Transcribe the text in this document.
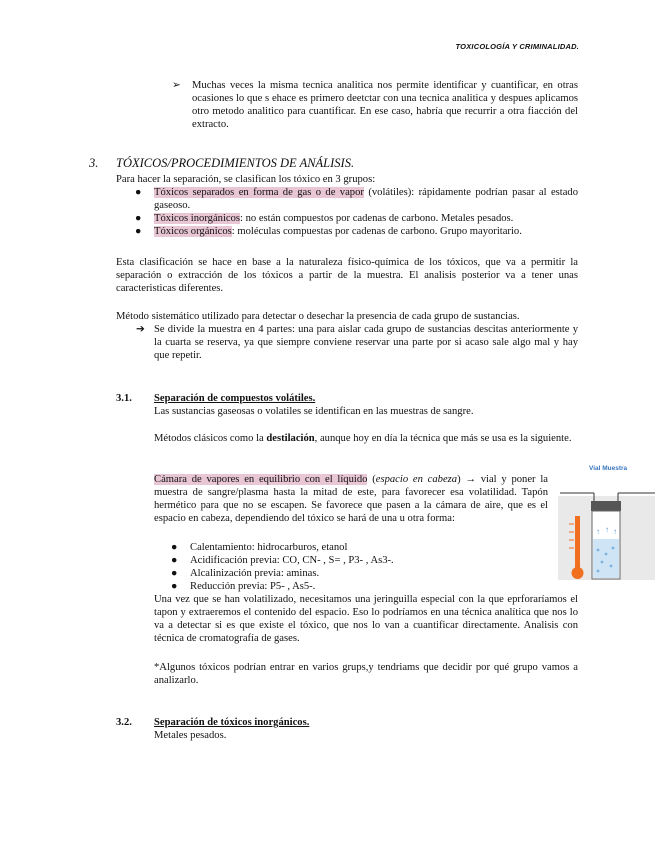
TOXICOLOGÍA Y CRIMINALIDAD.
➢ Muchas veces la misma tecnica analitica nos permite identificar y cuantificar, en otras ocasiones lo que s ehace es primero deetctar con una tecnica analitica y despues aplicamos otro metodo analitico para cuantificar. En ese caso, habría que recurrir a otra fiacción del extracto.

3. TÓXICOS/PROCEDIMIENTOS DE ANÁLISIS.

Para hacer la separación, se clasifican los tóxico en 3 grupos:

● Tóxicos separados en forma de gas o de vapor (volátiles): rápidamente podrían pasar al estado gaseoso.

● Tóxicos inorgánicos: no están compuestos por cadenas de carbono. Metales pesados.

● Tóxicos orgánicos: moléculas compuestas por cadenas de carbono. Grupo mayoritario.

Esta clasificación se hace en base a la naturaleza físico-química de los tóxicos, que va a permitir la separación o extracción de los tóxicos a partir de la muestra. El analisis posterior va a tener unas caracteristicas diferentes.

Método sistemático utilizado para detectar o desechar la presencia de cada grupo de sustancias.

➔ Se divide la muestra en 4 partes: una para aislar cada grupo de sustancias descitas anteriormente y la cuarta se reserva, ya que siempre conviene reservar una parte por si acaso sale algo mal y hay que repetir.

3.1. Separación de compuestos volátiles.

Las sustancias gaseosas o volatiles se identifican en las muestras de sangre.

Métodos clásicos como la destilación, aunque hoy en día la técnica que más se usa es la siguiente.

Cámara de vapores en equilibrio con el líquido (espacio en cabeza) → vial y poner la muestra de sangre/plasma hasta la mitad de este, para favorecer esa volatilidad. Tapón hermético para que no se escapen. Se favorece que pasen a la cámara de aire, que es el espacio en cabeza, dependiendo del tóxico se hará de una u otra forma:

● Calentamiento: hidrocarburos, etanol
● Acidificación previa: CO, CN- , S= , P3- , As3-.
● Alcalinización previa: aminas.
● Reducción previa: P5- , As5-.

Una vez que se han volatilizado, necesitamos una jeringuilla especial con la que eprforaríamos el tapon y extraeremos el contenido del espacio. Eso lo podríamos en una técnica analítica que nos lo va a detectar si es que existe el tóxico, que nos lo van a cuantificar directamente. Analisis con técnica de cromatografía de gases.

*Algunos tóxicos podrían entrar en varios grups,y tendriams que decidir por qué grupo vamos a analizarlo.

Vial Muestra
↑ ↑ ↑
3.2. Separación de tóxicos inorgánicos.

Metales pesados.
